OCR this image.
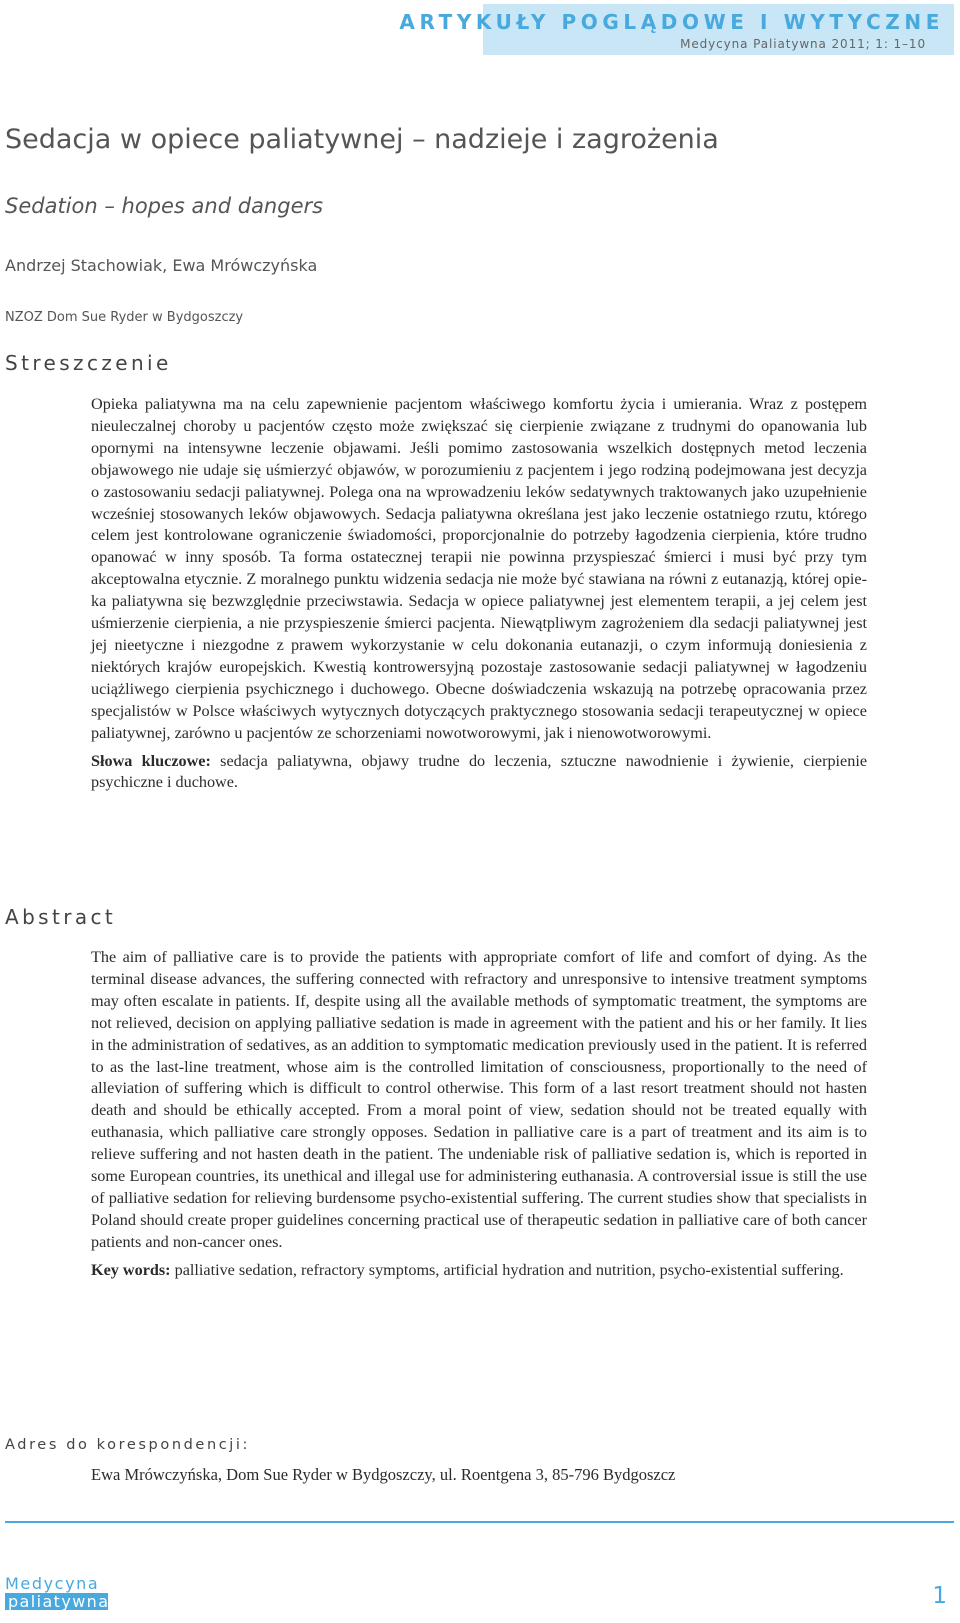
ARTYKUŁY POGLĄDOWE I WYTYCZNE
Medycyna Paliatywna 2011; 1: 1–10
Sedacja w opiece paliatywnej – nadzieje i zagrożenia
Sedation – hopes and dangers
Andrzej Stachowiak, Ewa Mrówczyńska
NZOZ Dom Sue Ryder w Bydgoszczy
Streszczenie

Opieka paliatywna ma na celu zapewnienie pacjentom właściwego komfortu życia i umierania. Wraz z postępem nieuleczalnej choroby u pacjentów często może zwiększać się cierpienie związane z trudnymi do opanowania lub opornymi na intensywne leczenie objawami. Jeśli pomimo zastosowania wszelkich dostępnych metod leczenia objawowego nie udaje się uśmierzyć objawów, w porozumieniu z pacjentem i jego rodziną podejmowana jest decyzja o zastosowaniu sedacji paliatywnej. Polega ona na wprowadzeniu leków sedatywnych traktowanych jako uzupełnienie wcześniej stosowanych leków objawowych. Sedacja paliatywna określana jest jako leczenie ostatniego rzutu, którego celem jest kontrolowane ograniczenie świadomości, proporcjonalnie do potrzeby łagodzenia cierpienia, które trudno opanować w inny sposób. Ta forma ostatecznej terapii nie powinna przyspieszać śmierci i musi być przy tym akceptowalna etycznie. Z moralnego punktu widzenia sedacja nie może być stawiana na równi z eutanazją, której opieka paliatywna się bezwzględnie przeciwstawia. Sedacja w opiece paliatywnej jest elementem terapii, a jej celem jest uśmierzenie cierpienia, a nie przyspieszenie śmierci pacjenta. Niewątpliwym zagrożeniem dla sedacji paliatywnej jest jej nieetyczne i niezgodne z prawem wykorzystanie w celu dokonania eutanazji, o czym informują doniesienia z niektórych krajów europejskich. Kwestią kontrowersyjną pozostaje zastosowanie sedacji paliatywnej w łagodzeniu uciążliwego cierpienia psychicznego i duchowego. Obecne doświadczenia wskazują na potrzebę opracowania przez specjalistów w Polsce właściwych wytycznych dotyczących praktycznego stosowania sedacji terapeutycznej w opiece paliatywnej, zarówno u pacjentów ze schorzeniami nowotworowymi, jak i nienowotworowymi.

Słowa kluczowe: sedacja paliatywna, objawy trudne do leczenia, sztuczne nawodnienie i żywienie, cierpienie psychiczne i duchowe.

Abstract

The aim of palliative care is to provide the patients with appropriate comfort of life and comfort of dying. As the terminal disease advances, the suffering connected with refractory and unresponsive to intensive treatment symptoms may often escalate in patients. If, despite using all the available methods of symptomatic treatment, the symptoms are not relieved, decision on applying palliative sedation is made in agreement with the patient and his or her family. It lies in the administration of sedatives, as an addition to symptomatic medication previously used in the patient. It is referred to as the last-line treatment, whose aim is the controlled limitation of consciousness, proportionally to the need of alleviation of suffering which is difficult to control otherwise. This form of a last resort treatment should not hasten death and should be ethically accepted. From a moral point of view, sedation should not be treated equally with euthanasia, which palliative care strongly opposes. Sedation in palliative care is a part of treatment and its aim is to relieve suffering and not hasten death in the patient. The undeniable risk of palliative sedation is, which is reported in some European countries, its unethical and illegal use for administering euthanasia. A controversial issue is still the use of palliative sedation for relieving burdensome psycho-existential suffering. The current studies show that specialists in Poland should create proper guidelines concerning practical use of therapeutic sedation in palliative care of both cancer patients and non-cancer ones.

Key words: palliative sedation, refractory symptoms, artificial hydration and nutrition, psycho-existential suffering.

Adres do korespondencji:
Ewa Mrówczyńska, Dom Sue Ryder w Bydgoszczy, ul. Roentgena 3, 85-796 Bydgoszcz
Medycyna
paliatywna	1
